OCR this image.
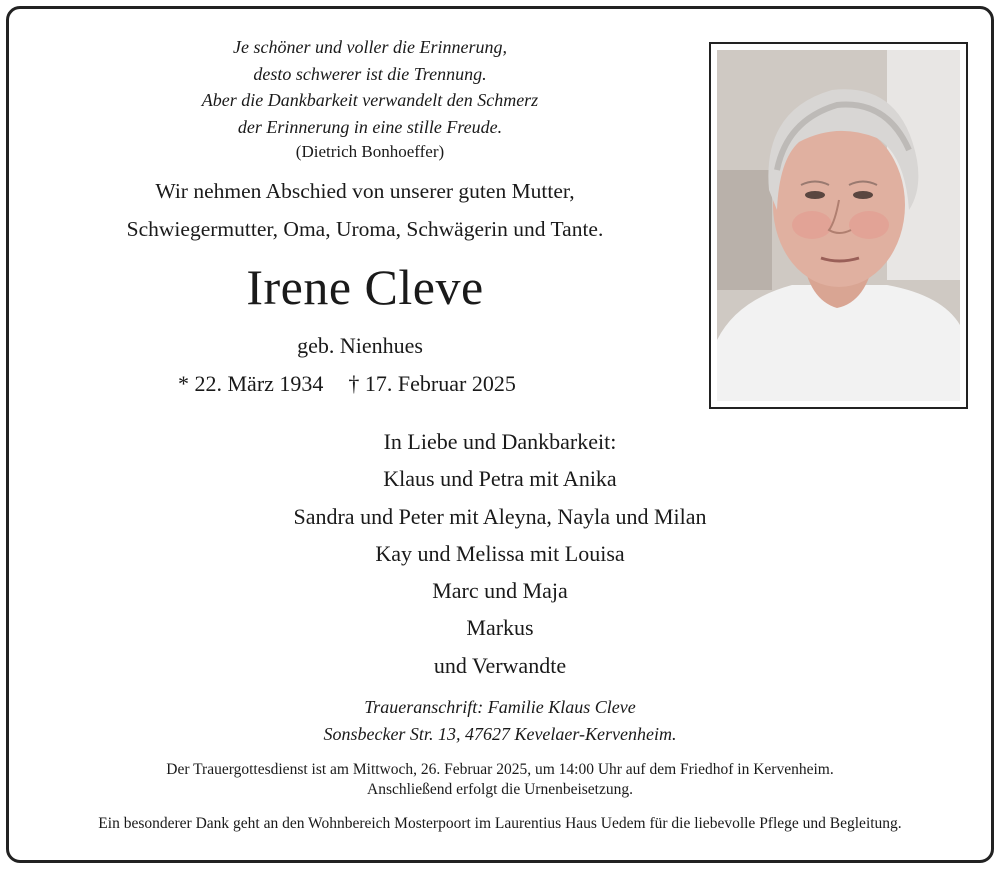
Je schöner und voller die Erinnerung,
desto schwerer ist die Trennung.
Aber die Dankbarkeit verwandelt den Schmerz
der Erinnerung in eine stille Freude.
(Dietrich Bonhoeffer)
Wir nehmen Abschied von unserer guten Mutter,
Schwiegermutter, Oma, Uroma, Schwägerin und Tante.
Irene Cleve
geb. Nienhues
* 22. März 1934 † 17. Februar 2025
In Liebe und Dankbarkeit:
Klaus und Petra mit Anika
Sandra und Peter mit Aleyna, Nayla und Milan
Kay und Melissa mit Louisa
Marc und Maja
Markus
und Verwandte
Traueranschrift: Familie Klaus Cleve
Sonsbecker Str. 13, 47627 Kevelaer-Kervenheim.
Der Trauergottesdienst ist am Mittwoch, 26. Februar 2025, um 14:00 Uhr auf dem Friedhof in Kervenheim.
Anschließend erfolgt die Urnenbeisetzung.
Ein besonderer Dank geht an den Wohnbereich Mosterpoort im Laurentius Haus Uedem für die liebevolle Pflege und Begleitung.
